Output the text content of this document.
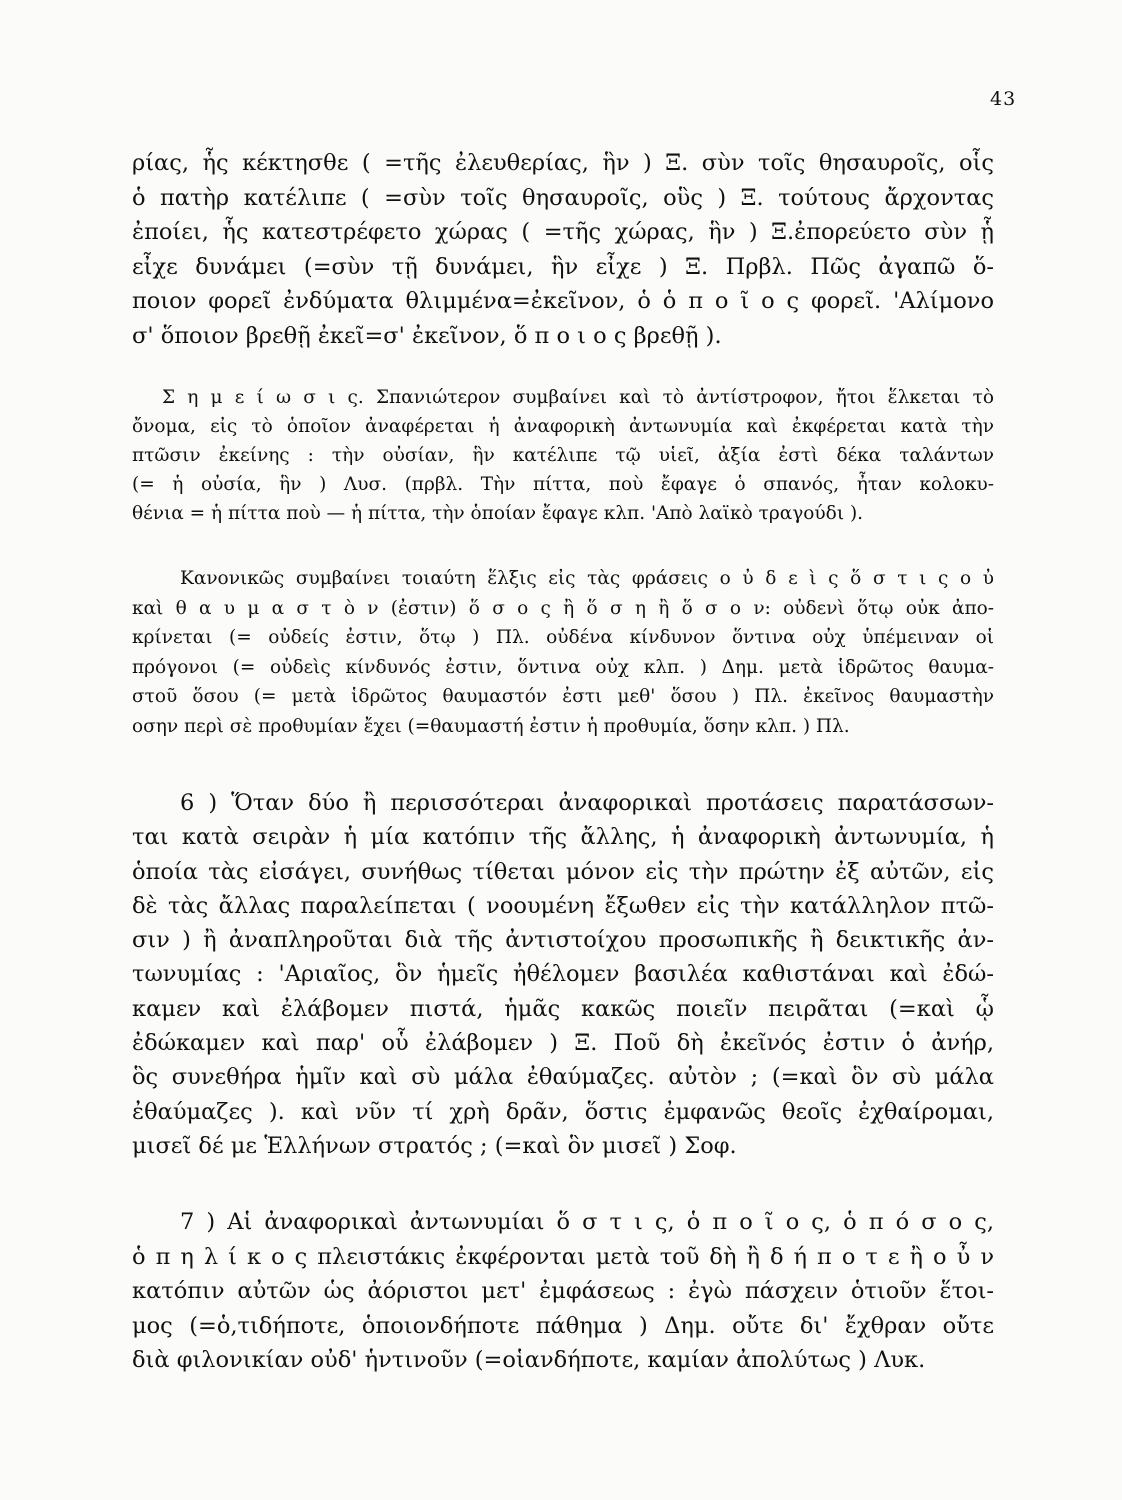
43
ρίας, ἧς κέκτησθε ( =τῆς ἐλευθερίας, ἣν ) Ξ. σὺν τοῖς θησαυροῖς, οἷς
ὁ πατὴρ κατέλιπε ( =σὺν τοῖς θησαυροῖς, οὓς ) Ξ. τούτους ἄρχοντας
ἐποίει, ἧς κατεστρέφετο χώρας ( =τῆς χώρας, ἣν ) Ξ.ἐπορεύετο σὺν ᾗ
εἶχε δυνάμει (=σὺν τῇ δυνάμει, ἣν εἶχε ) Ξ. Πρβλ. Πῶς ἀγαπῶ ὅ-
ποιον φορεῖ ἐνδύματα θλιμμένα=ἐκεῖνον, ὁ ὁ π ο ῖ ο ς φορεῖ. 'Αλίμονο
σ' ὅποιον βρεθῇ ἐκεῖ=σ' ἐκεῖνον, ὅ π ο ι ο ς βρεθῇ ).
Σ η μ ε ί ω σ ι ς. Σπανιώτερον συμβαίνει καὶ τὸ ἀντίστροφον, ἤτοι ἕλκεται τὸ
ὄνομα, εἰς τὸ ὁποῖον ἀναφέρεται ἡ ἀναφορικὴ ἀντωνυμία καὶ ἐκφέρεται κατὰ τὴν
πτῶσιν ἐκείνης : τὴν οὐσίαν, ἣν κατέλιπε τῷ υἱεῖ, ἀξία ἐστὶ δέκα ταλάντων
(= ἡ οὐσία, ἣν ) Λυσ. (πρβλ. Τὴν πίττα, ποὺ ἔφαγε ὁ σπανός, ἦταν κολοκυ-
θένια = ἡ πίττα ποὺ — ἡ πίττα, τὴν ὁποίαν ἔφαγε κλπ. 'Απὸ λαϊκὸ τραγούδι ).
Κανονικῶς συμβαίνει τοιαύτη ἕλξις εἰς τὰς φράσεις ο ὐ δ ε ὶ ς ὅ σ τ ι ς ο ὐ
καὶ θ α υ μ α σ τ ὸ ν (ἐστιν) ὅ σ ο ς ἢ ὅ σ η ἢ ὅ σ ο ν: οὐδενὶ ὅτῳ οὐκ ἀπο-
κρίνεται (= οὐδείς ἐστιν, ὅτῳ ) Πλ. οὐδένα κίνδυνον ὅντινα οὐχ ὑπέμειναν οἱ
πρόγονοι (= οὐδεὶς κίνδυνός ἐστιν, ὅντινα οὐχ κλπ. ) Δημ. μετὰ ἱδρῶτος θαυμα-
στοῦ ὅσου (= μετὰ ἱδρῶτος θαυμαστόν ἐστι μεθ' ὅσου ) Πλ. ἐκεῖνος θαυμαστὴν
οσην περὶ σὲ προθυμίαν ἔχει (=θαυμαστή ἐστιν ἡ προθυμία, ὅσην κλπ. ) Πλ.
6 ) Ὅταν δύο ἢ περισσότεραι ἀναφορικαὶ προτάσεις παρατάσσων-
ται κατὰ σειρὰν ἡ μία κατόπιν τῆς ἄλλης, ἡ ἀναφορικὴ ἀντωνυμία, ἡ
ὁποία τὰς εἰσάγει, συνήθως τίθεται μόνον εἰς τὴν πρώτην ἐξ αὐτῶν, εἰς
δὲ τὰς ἄλλας παραλείπεται ( νοουμένη ἔξωθεν εἰς τὴν κατάλληλον πτῶ-
σιν ) ἢ ἀναπληροῦται διὰ τῆς ἀντιστοίχου προσωπικῆς ἢ δεικτικῆς ἀν-
τωνυμίας : 'Αριαῖος, ὃν ἡμεῖς ἠθέλομεν βασιλέα καθιστάναι καὶ ἐδώ-
καμεν καὶ ἐλάβομεν πιστά, ἡμᾶς κακῶς ποιεῖν πειρᾶται (=καὶ ᾧ
ἐδώκαμεν καὶ παρ' οὗ ἐλάβομεν ) Ξ. Ποῦ δὴ ἐκεῖνός ἐστιν ὁ ἀνήρ,
ὃς συνεθήρα ἡμῖν καὶ σὺ μάλα ἐθαύμαζες. αὐτὸν ; (=καὶ ὃν σὺ μάλα
ἐθαύμαζες ). καὶ νῦν τί χρὴ δρᾶν, ὅστις ἐμφανῶς θεοῖς ἐχθαίρομαι,
μισεῖ δέ με Ἑλλήνων στρατός ; (=καὶ ὃν μισεῖ ) Σοφ.
7 ) Αἱ ἀναφορικαὶ ἀντωνυμίαι ὅ σ τ ι ς, ὁ π ο ῖ ο ς, ὁ π ό σ ο ς,
ὁ π η λ ί κ ο ς πλειστάκις ἐκφέρονται μετὰ τοῦ δὴ ἢ δ ή π ο τ ε ἢ ο ὖ ν
κατόπιν αὐτῶν ὡς ἀόριστοι μετ' ἐμφάσεως : ἐγὼ πάσχειν ὁτιοῦν ἕτοι-
μος (=ὁ,τιδήποτε, ὁποιονδήποτε πάθημα ) Δημ. οὔτε δι' ἔχθραν οὔτε
διὰ φιλονικίαν οὐδ' ἡντινοῦν (=οἱανδήποτε, καμίαν ἀπολύτως ) Λυκ.
